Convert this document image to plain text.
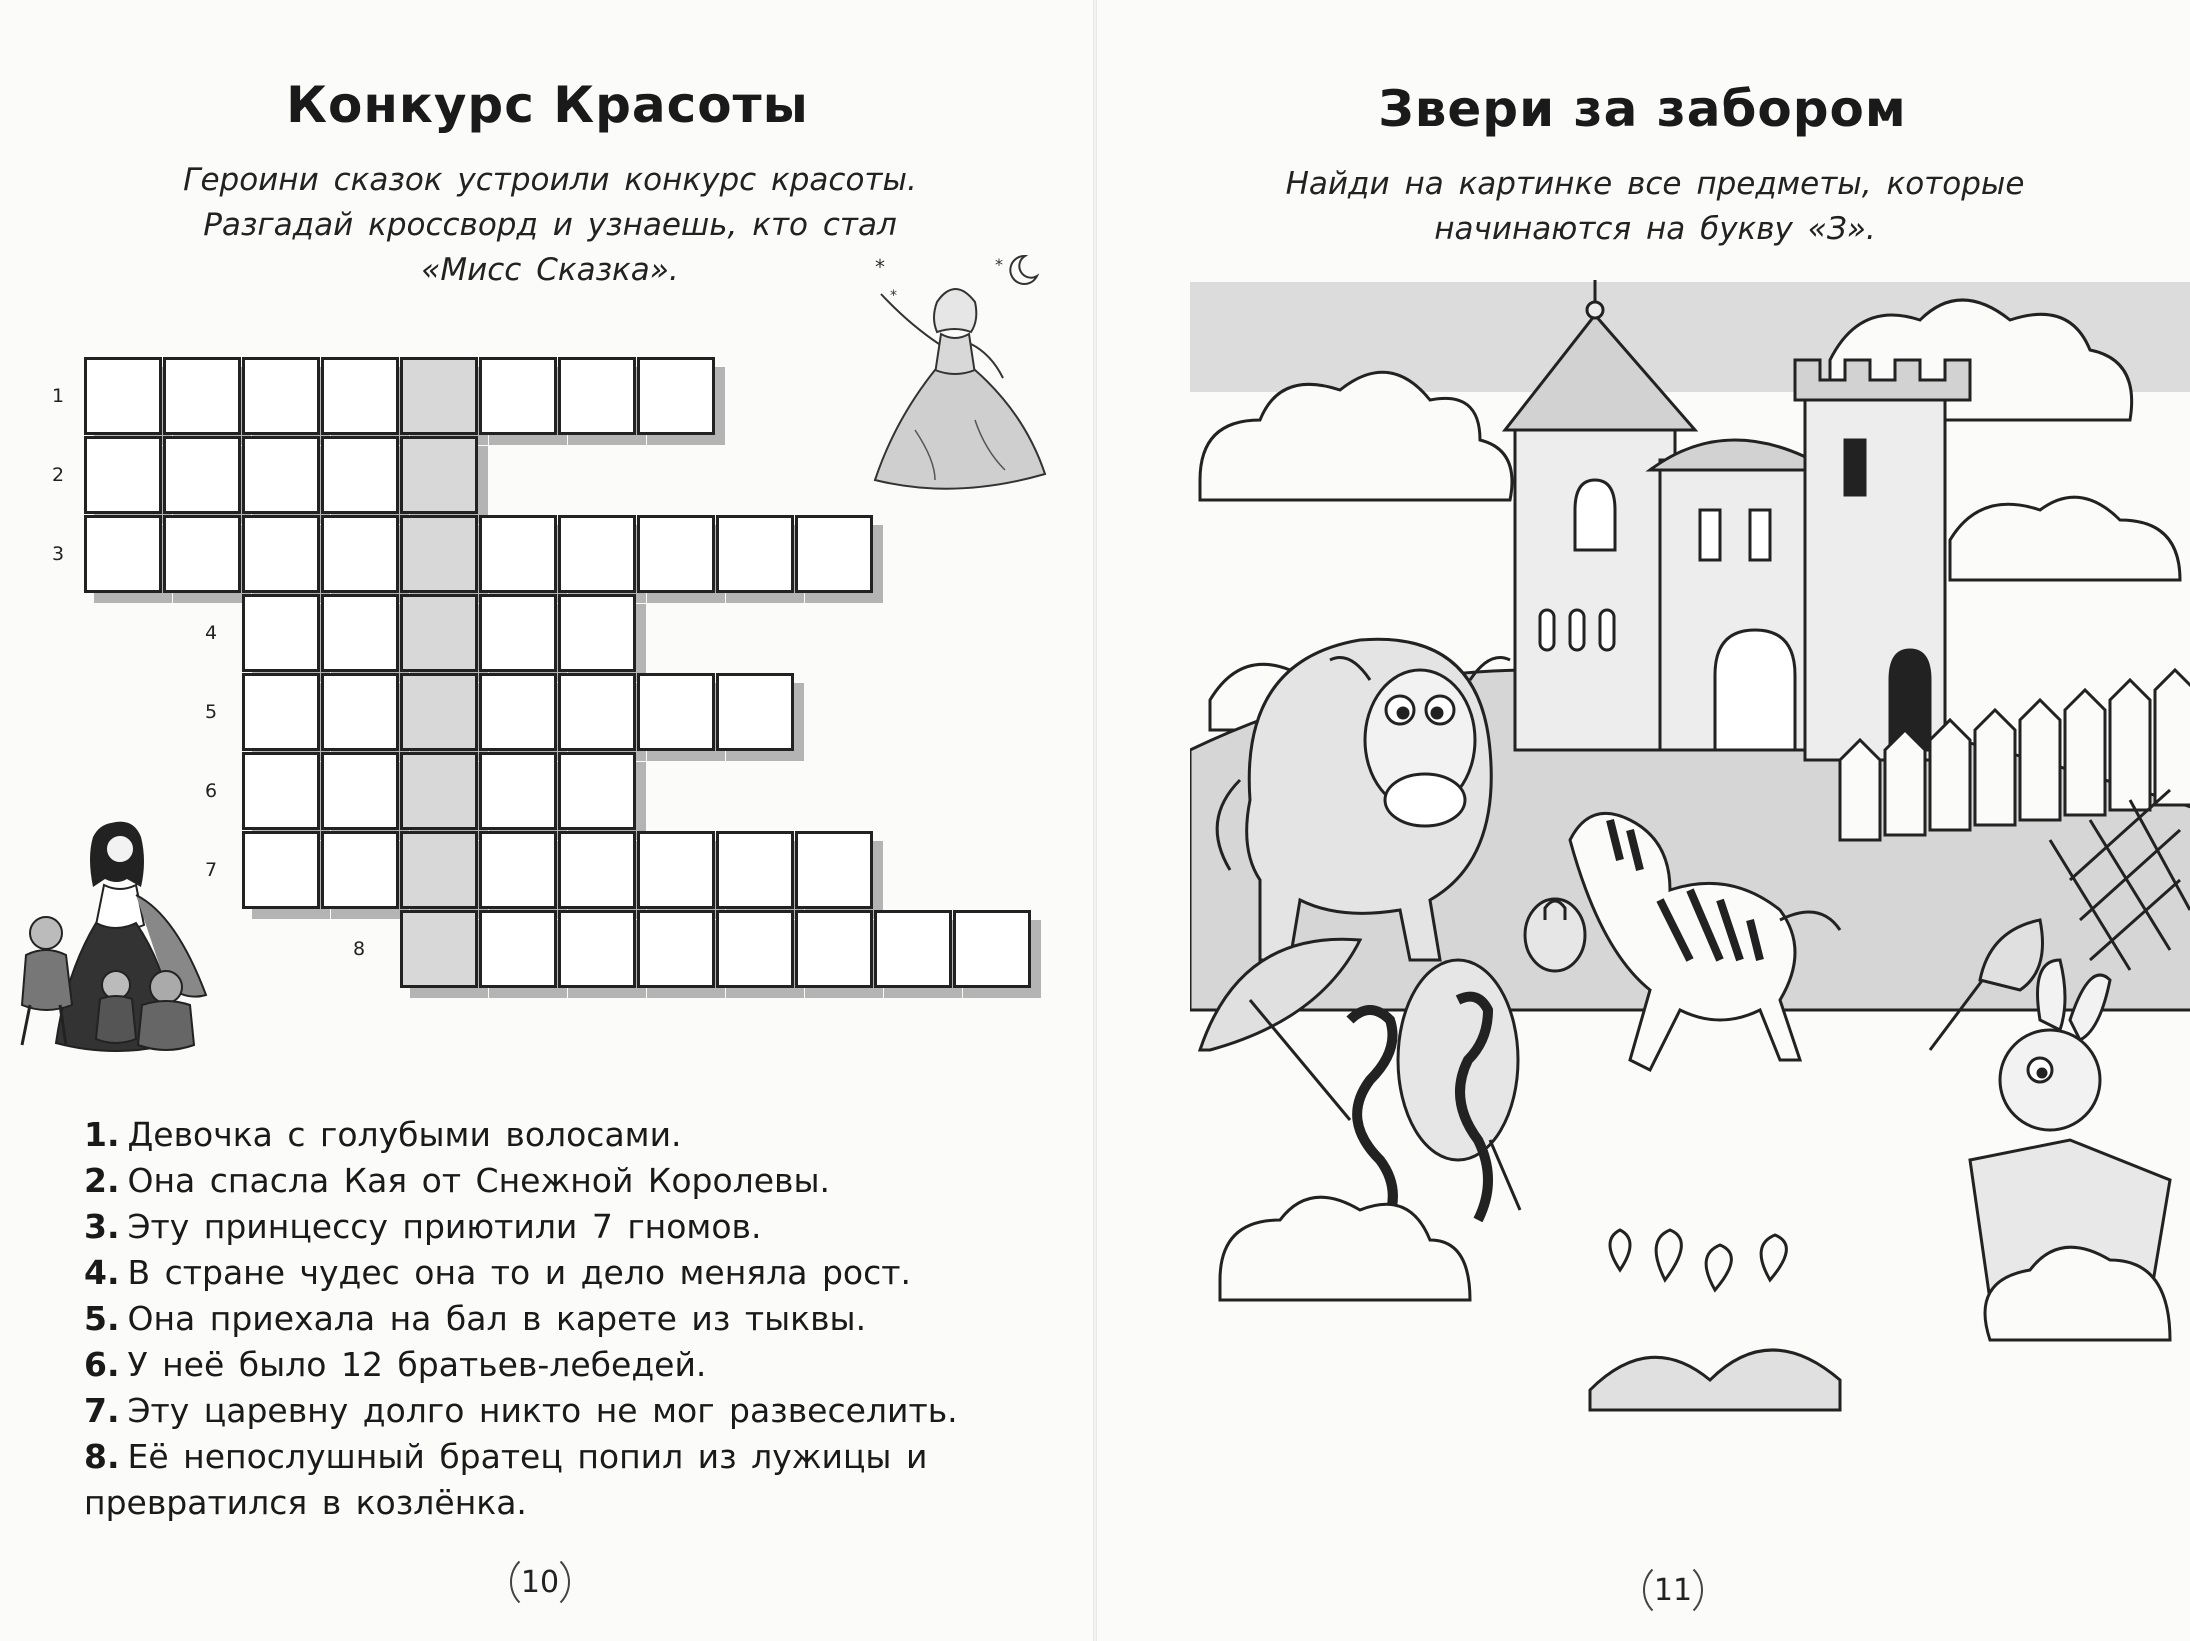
Конкурс Красоты

Героини сказок устроили конкурс красоты.
Разгадай кроссворд и узнаешь, кто стал
«Мисс Сказка».	*
*
*
1
2
3
4
5
6
7
8
1. Девочка с голубыми волосами.
2. Она спасла Кая от Снежной Королевы.
3. Эту принцессу приютили 7 гномов.
4. В стране чудес она то и дело меняла рост.
5. Она приехала на бал в карете из тыквы.
6. У неё было 12 братьев-лебедей.
7. Эту царевну долго никто не мог развеселить.
8. Её непослушный братец попил из лужицы и
превратился в козлёнка.
10
Звери за забором

Найди на картинке все предметы, которые
начинаются на букву «З».

11
